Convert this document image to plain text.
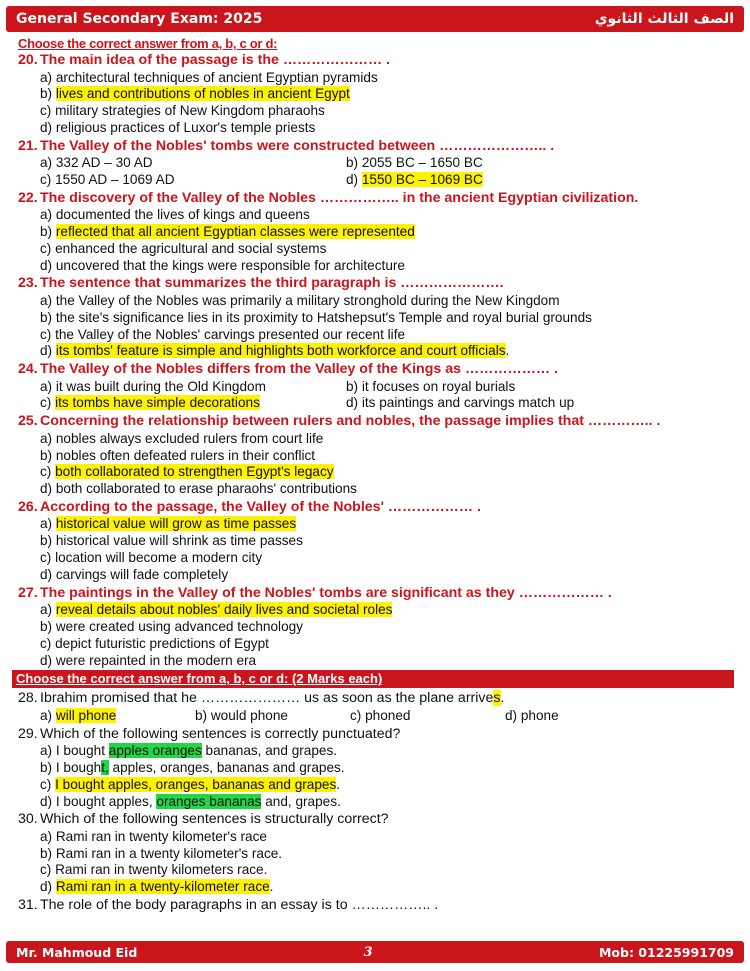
General Secondary Exam: 2025	الصف الثالث الثانوي
Choose the correct answer from a, b, c or d:
20. The main idea of the passage is the ………………… .
a) architectural techniques of ancient Egyptian pyramids
b) lives and contributions of nobles in ancient Egypt
c) military strategies of New Kingdom pharaohs
d) religious practices of Luxor's temple priests
21. The Valley of the Nobles' tombs were constructed between ………………….. .
a) 332 AD – 30 AD	b) 2055 BC – 1650 BC
c) 1550 AD – 1069 AD	d) 1550 BC – 1069 BC
22. The discovery of the Valley of the Nobles …………….. in the ancient Egyptian civilization.
a) documented the lives of kings and queens
b) reflected that all ancient Egyptian classes were represented
c) enhanced the agricultural and social systems
d) uncovered that the kings were responsible for architecture
23. The sentence that summarizes the third paragraph is ………………….
a) the Valley of the Nobles was primarily a military stronghold during the New Kingdom
b) the site's significance lies in its proximity to Hatshepsut's Temple and royal burial grounds
c) the Valley of the Nobles' carvings presented our recent life
d) its tombs' feature is simple and highlights both workforce and court officials.
24. The Valley of the Nobles differs from the Valley of the Kings as ……………… .
a) it was built during the Old Kingdom	b) it focuses on royal burials
c) its tombs have simple decorations	d) its paintings and carvings match up
25. Concerning the relationship between rulers and nobles, the passage implies that ………….. .
a) nobles always excluded rulers from court life
b) nobles often defeated rulers in their conflict
c) both collaborated to strengthen Egypt's legacy
d) both collaborated to erase pharaohs' contributions
26. According to the passage, the Valley of the Nobles' ……………… .
a) historical value will grow as time passes
b) historical value will shrink as time passes
c) location will become a modern city
d) carvings will fade completely
27. The paintings in the Valley of the Nobles' tombs are significant as they ……………… .
a) reveal details about nobles' daily lives and societal roles
b) were created using advanced technology
c) depict futuristic predictions of Egypt
d) were repainted in the modern era
Choose the correct answer from a, b, c or d: (2 Marks each)
28. Ibrahim promised that he ………………… us as soon as the plane arrives.
a) will phone	b) would phone	c) phoned	d) phone
29. Which of the following sentences is correctly punctuated?
a) I bought apples oranges bananas, and grapes.
b) I bought, apples, oranges, bananas and grapes.
c) I bought apples, oranges, bananas and grapes.
d) I bought apples, oranges bananas and, grapes.
30. Which of the following sentences is structurally correct?
a) Rami ran in twenty kilometer's race
b) Rami ran in a twenty kilometer's race.
c) Rami ran in twenty kilometers race.
d) Rami ran in a twenty-kilometer race.
31. The role of the body paragraphs in an essay is to …………….. .
Mr. Mahmoud Eid	3	Mob: 01225991709
